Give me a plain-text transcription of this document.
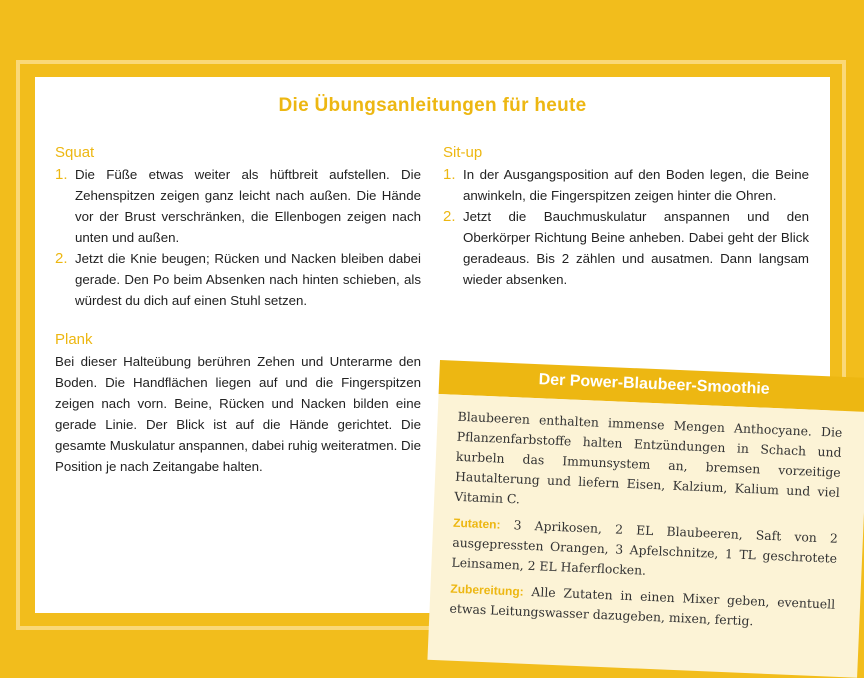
Die Übungsanleitungen für heute
Squat
1. Die Füße etwas weiter als hüftbreit aufstellen. Die Zehenspitzen zeigen ganz leicht nach außen. Die Hände vor der Brust verschränken, die Ellenbogen zeigen nach unten und außen.
2. Jetzt die Knie beugen; Rücken und Nacken bleiben dabei gerade. Den Po beim Absenken nach hinten schieben, als würdest du dich auf einen Stuhl setzen.
Plank
Bei dieser Halteübung berühren Zehen und Unterarme den Boden. Die Handflächen liegen auf und die Fingerspitzen zeigen nach vorn. Beine, Rücken und Nacken bilden eine gerade Linie. Der Blick ist auf die Hände gerichtet. Die gesamte Muskulatur anspannen, dabei ruhig weiteratmen. Die Position je nach Zeitangabe halten.
Sit-up
1. In der Ausgangsposition auf den Boden legen, die Beine anwinkeln, die Fingerspitzen zeigen hinter die Ohren.
2. Jetzt die Bauchmuskulatur anspannen und den Oberkörper Richtung Beine anheben. Dabei geht der Blick geradeaus. Bis 2 zählen und ausatmen. Dann langsam wieder absenken.
Der Power-Blaubeer-Smoothie

Blaubeeren enthalten immense Mengen Anthocyane. Die Pflanzenfarbstoffe halten Entzündungen in Schach und kurbeln das Immunsystem an, bremsen vorzeitige Hautalterung und liefern Eisen, Kalzium, Kalium und viel Vitamin C.

Zutaten: 3 Aprikosen, 2 EL Blaubeeren, Saft von 2 ausgepressten Orangen, 3 Apfelschnitze, 1 TL geschrotete Leinsamen, 2 EL Haferflocken.

Zubereitung: Alle Zutaten in einen Mixer geben, eventuell etwas Leitungswasser dazugeben, mixen, fertig.
